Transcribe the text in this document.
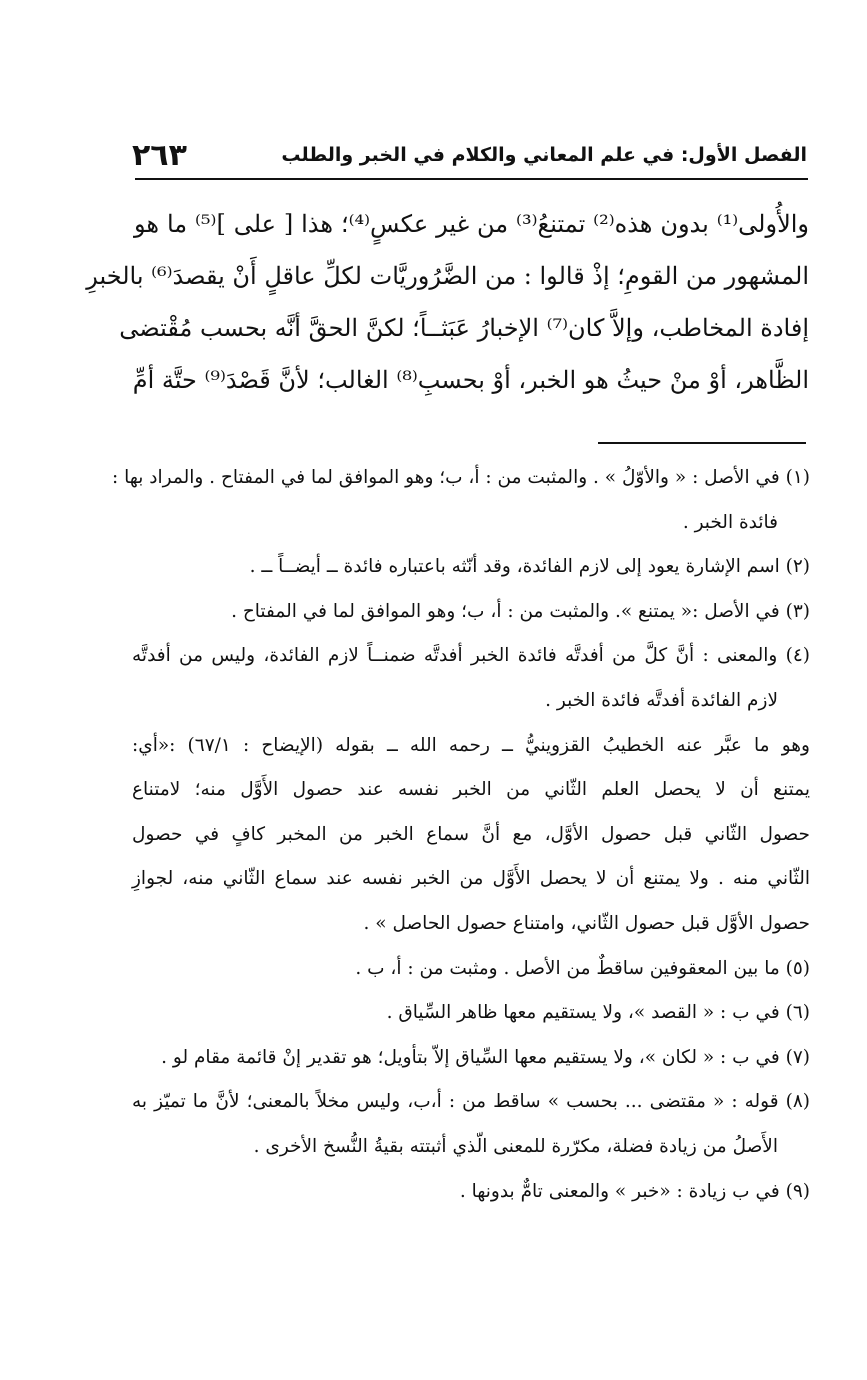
الفصل الأول: في علم المعاني والكلام في الخبر والطلب
٢٦٣
والأُولى⁽¹⁾ بدون هذه⁽²⁾ تمتنعُ⁽³⁾ من غير عكسٍ⁽⁴⁾؛ هذا [ على ]⁽⁵⁾ ما هو
المشهور من القومِ؛ إذْ قالوا : من الضَّرُوريَّات لكلِّ عاقلٍ أَنْ يقصدَ⁽⁶⁾ بالخبرِ
إفادة المخاطب، وإلاَّ كان⁽⁷⁾ الإخبارُ عَبَثــاً؛ لكنَّ الحقَّ أنَّه بحسب مُقْتضى
الظَّاهر، أوْ منْ حيثُ هو الخبر، أوْ بحسبِ⁽⁸⁾ الغالب؛ لأنَّ قَصْدَ⁽⁹⁾ حتَّة أمِّ
(١) في الأصل : « والأوّلُ » . والمثبت من : أ، ب؛ وهو الموافق لما في المفتاح . والمراد بها :
فائدة الخبر .
(٢) اسم الإشارة يعود إلى لازم الفائدة، وقد أنّثه باعتباره فائدة ــ أيضــاً ــ .
(٣) في الأصل :« يمتنع ». والمثبت من : أ، ب؛ وهو الموافق لما في المفتاح .
(٤) والمعنى : أنَّ كلَّ من أفدتَّه فائدة الخبر أفدتَّه ضمنــاً لازم الفائدة، وليس من أفدتَّه
لازم الفائدة أفدتَّه فائدة الخبر .
وهو ما عبَّر عنه الخطيبُ القزوينيُّ ــ رحمه الله ــ بقوله (الإيضاح : ٦٧/١) :«أي:
يمتنع أن لا يحصل العلم الثّاني من الخبر نفسه عند حصول الأَوَّل منه؛ لامتناع
حصول الثّاني قبل حصول الأوَّل، مع أنَّ سماع الخبر من المخبر كافٍ في حصول
الثّاني منه . ولا يمتنع أن لا يحصل الأَوَّل من الخبر نفسه عند سماع الثّاني منه، لجوازِ
حصول الأوَّل قبل حصول الثّاني، وامتناع حصول الحاصل » .
(٥) ما بين المعقوفين ساقطٌ من الأصل . ومثبت من : أ، ب .
(٦) في ب : « القصد »، ولا يستقيم معها ظاهر السِّياق .
(٧) في ب : « لكان »، ولا يستقيم معها السِّياق إلاّ بتأويل؛ هو تقدير إنْ قائمة مقام لو .
(٨) قوله : « مقتضى ... بحسب » ساقط من : أ،ب، وليس مخلاً بالمعنى؛ لأنَّ ما تميّز به
الأَصلُ من زيادة فضلة، مكرّرة للمعنى الّذي أثبتته بقيةُ النُّسخ الأخرى .
(٩) في ب زيادة : «خبر » والمعنى تامٌّ بدونها .
